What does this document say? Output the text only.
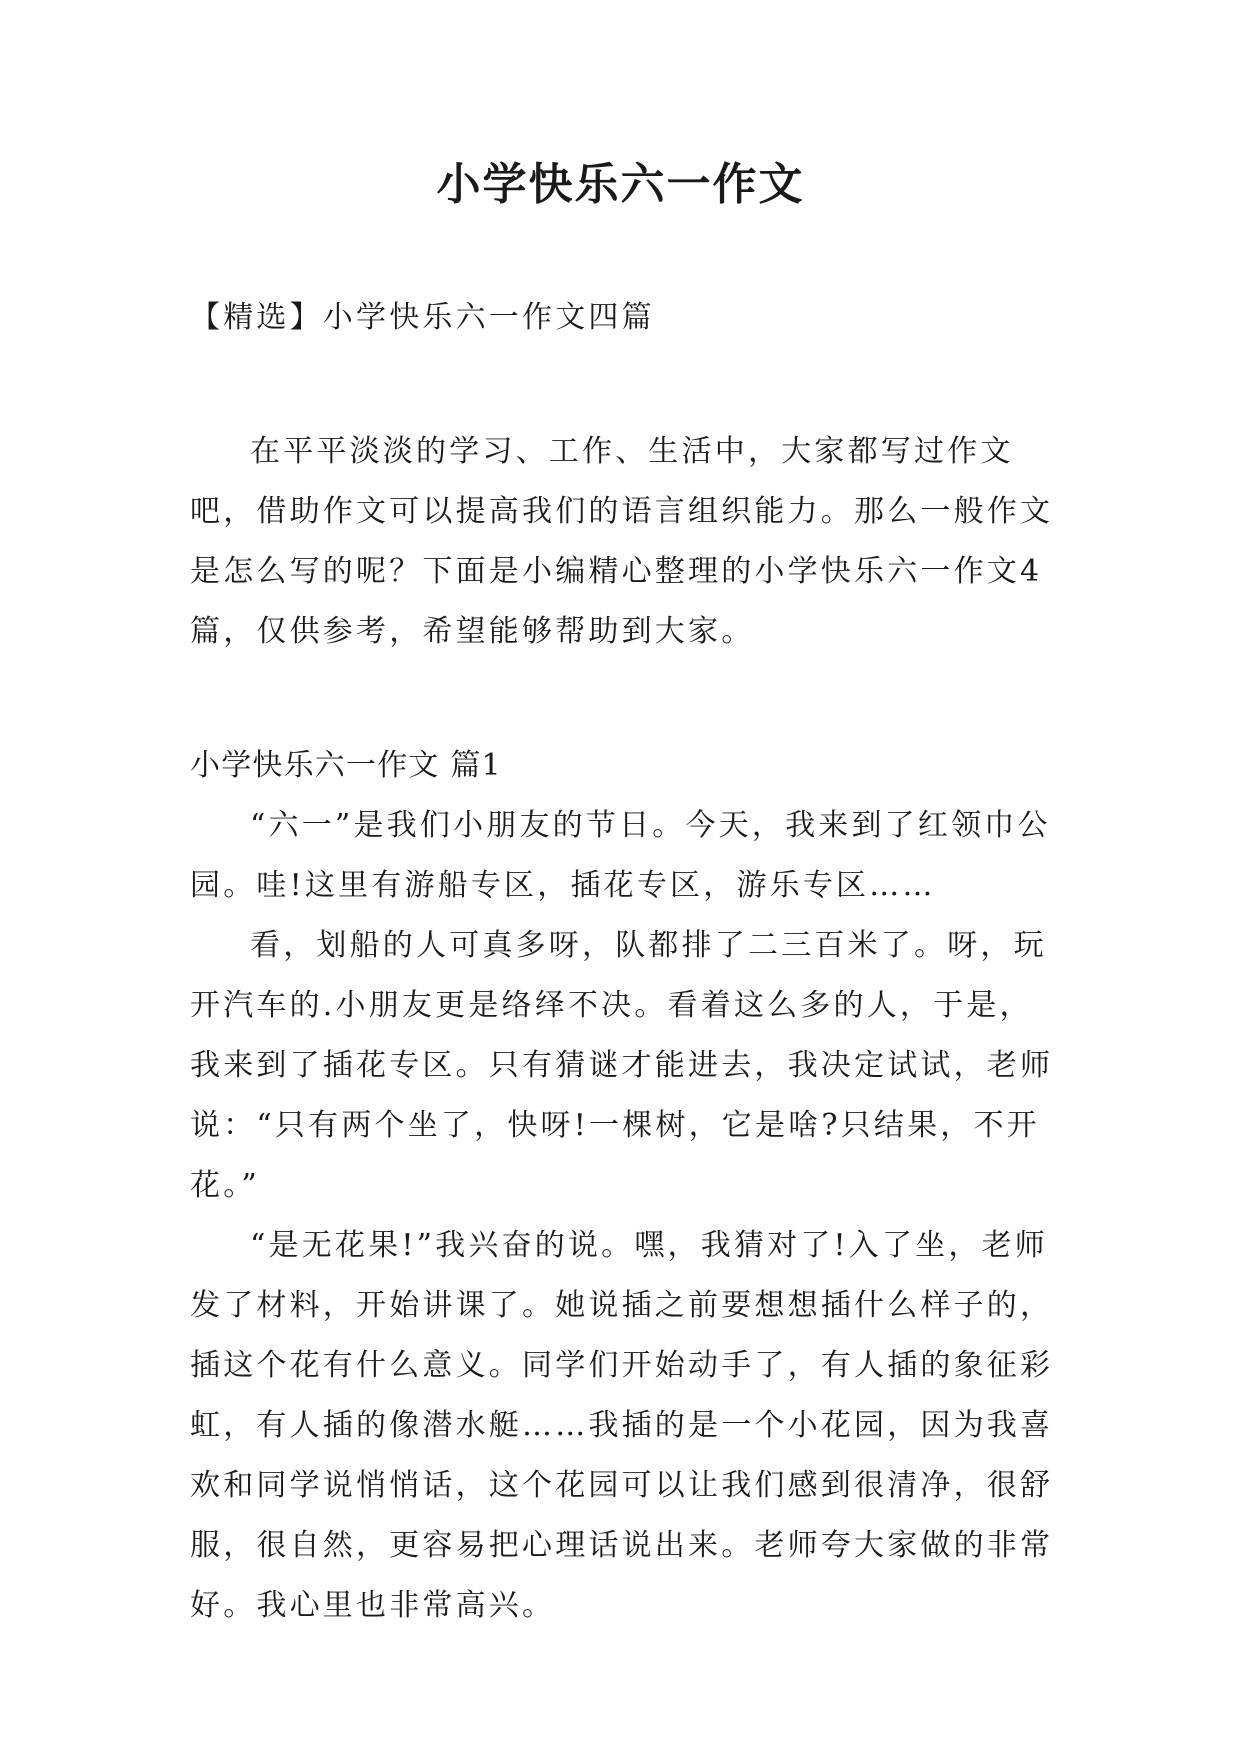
小学快乐六一作文

【精选】小学快乐六一作文四篇

在平平淡淡的学习、工作、生活中，大家都写过作文吧，借助作文可以提高我们的语言组织能力。那么一般作文是怎么写的呢？下面是小编精心整理的小学快乐六一作文4篇，仅供参考，希望能够帮助到大家。

小学快乐六一作文 篇1

“六一”是我们小朋友的节日。今天，我来到了红领巾公园。哇!这里有游船专区，插花专区，游乐专区……

看，划船的人可真多呀，队都排了二三百米了。呀，玩开汽车的.小朋友更是络绎不决。看着这么多的人，于是，我来到了插花专区。只有猜谜才能进去，我决定试试，老师说：“只有两个坐了，快呀!一棵树，它是啥?只结果，不开花。”

“是无花果!”我兴奋的说。嘿，我猜对了!入了坐，老师发了材料，开始讲课了。她说插之前要想想插什么样子的，插这个花有什么意义。同学们开始动手了，有人插的象征彩虹，有人插的像潜水艇……我插的是一个小花园，因为我喜欢和同学说悄悄话，这个花园可以让我们感到很清净，很舒服，很自然，更容易把心理话说出来。老师夸大家做的非常好。我心里也非常高兴。
